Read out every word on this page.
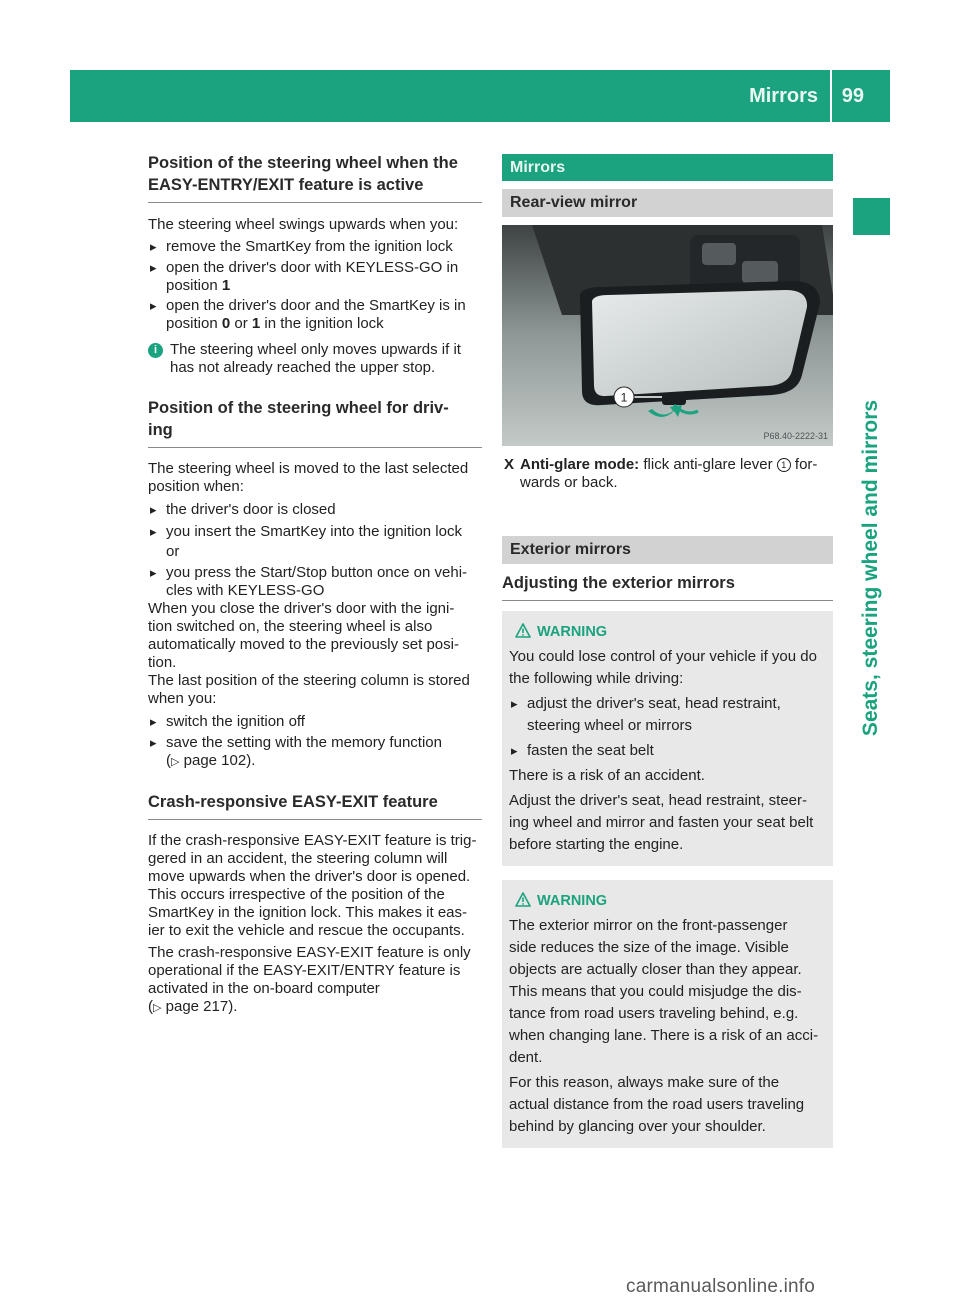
Mirrors 99
Seats, steering wheel and mirrors
Position of the steering wheel when the
EASY-ENTRY/EXIT feature is active

The steering wheel swings upwards when you:

▸ remove the SmartKey from the ignition lock
▸ open the driver's door with KEYLESS-GO in
position 1
▸ open the driver's door and the SmartKey is in
position 0 or 1 in the ignition lock
i The steering wheel only moves upwards if it
has not already reached the upper stop.
Position of the steering wheel for driv-
ing

The steering wheel is moved to the last selected
position when:

▸ the driver's door is closed
▸ you insert the SmartKey into the ignition lock
or
▸ you press the Start/Stop button once on vehi-
cles with KEYLESS-GO

When you close the driver's door with the igni-
tion switched on, the steering wheel is also
automatically moved to the previously set posi-
tion.

The last position of the steering column is stored
when you:

▸ switch the ignition off
▸ save the setting with the memory function
(▷ page 102).
Crash-responsive EASY-EXIT feature

If the crash-responsive EASY-EXIT feature is trig-
gered in an accident, the steering column will
move upwards when the driver's door is opened.
This occurs irrespective of the position of the
SmartKey in the ignition lock. This makes it eas-
ier to exit the vehicle and rescue the occupants.

The crash-responsive EASY-EXIT feature is only
operational if the EASY-EXIT/ENTRY feature is
activated in the on-board computer
(▷ page 217).

Mirrors
Rear-view mirror
1
P68.40-2222-31
X Anti-glare mode: flick anti-glare lever 1 for-
wards or back.
Exterior mirrors
Adjusting the exterior mirrors
WARNING

You could lose control of your vehicle if you do
the following while driving:

▸ adjust the driver's seat, head restraint,
steering wheel or mirrors
▸ fasten the seat belt

There is a risk of an accident.

Adjust the driver's seat, head restraint, steer-
ing wheel and mirror and fasten your seat belt
before starting the engine.

WARNING

The exterior mirror on the front-passenger
side reduces the size of the image. Visible
objects are actually closer than they appear.
This means that you could misjudge the dis-
tance from road users traveling behind, e.g.
when changing lane. There is a risk of an acci-
dent.

For this reason, always make sure of the
actual distance from the road users traveling
behind by glancing over your shoulder.

carmanualsonline.info
